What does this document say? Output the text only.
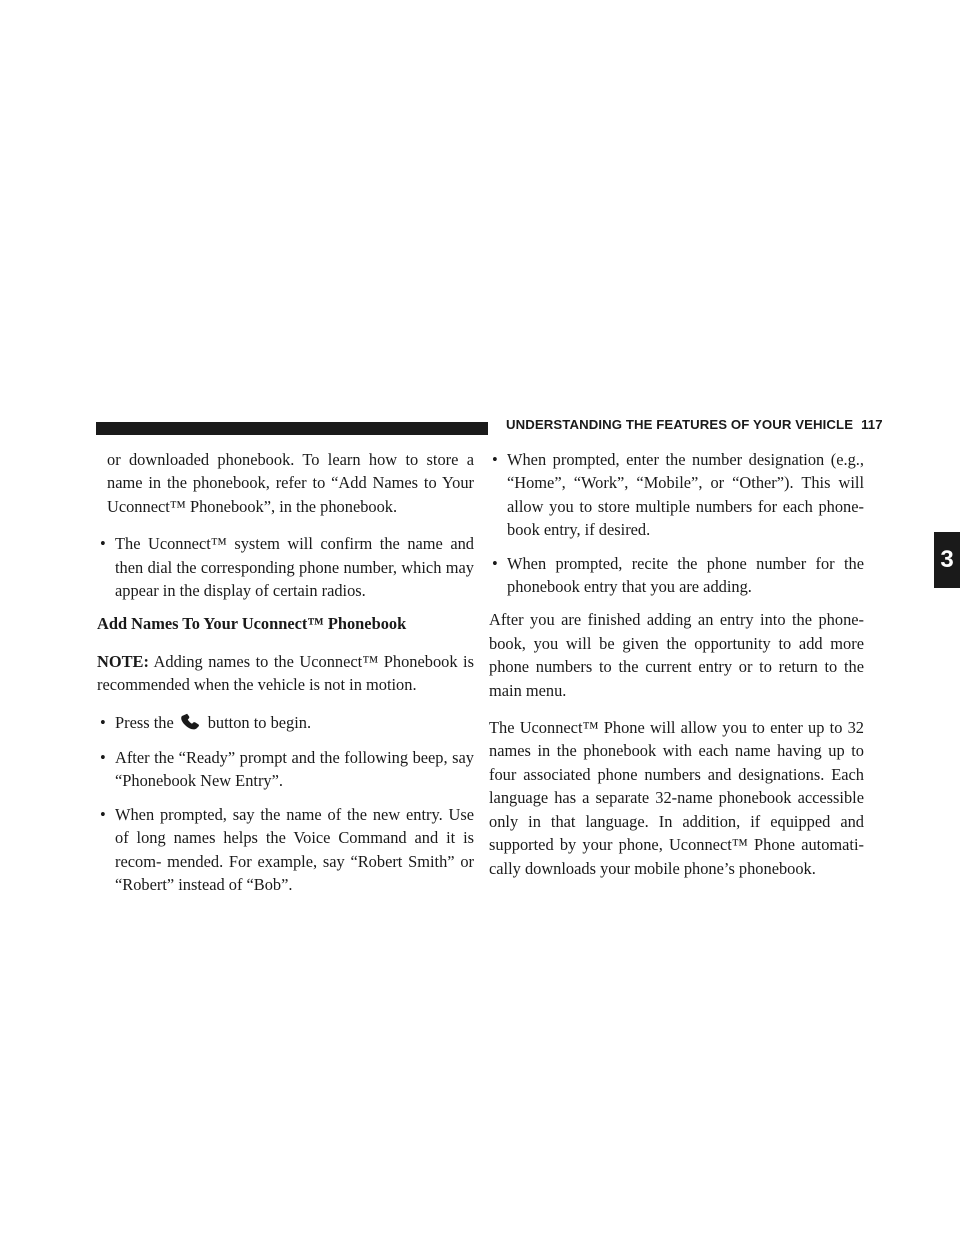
UNDERSTANDING THE FEATURES OF YOUR VEHICLE 117
3

or downloaded phonebook. To learn how to store a name in the phonebook, refer to “Add Names to Your Uconnect™ Phonebook”, in the phonebook.

• The Uconnect™ system will confirm the name and then dial the corresponding phone number, which may appear in the display of certain radios.
Add Names To Your Uconnect™ Phonebook

NOTE: Adding names to the Uconnect™ Phonebook is recommended when the vehicle is not in motion.

• Press the button to begin.
• After the “Ready” prompt and the following beep, say “Phonebook New Entry”.
• When prompted, say the name of the new entry. Use of long names helps the Voice Command and it is recom- mended. For example, say “Robert Smith” or “Robert” instead of “Bob”.
• When prompted, enter the number designation (e.g., “Home”, “Work”, “Mobile”, or “Other”). This will allow you to store multiple numbers for each phone- book entry, if desired.
• When prompted, recite the phone number for the phonebook entry that you are adding.

After you are finished adding an entry into the phone- book, you will be given the opportunity to add more phone numbers to the current entry or to return to the main menu.

The Uconnect™ Phone will allow you to enter up to 32 names in the phonebook with each name having up to four associated phone numbers and designations. Each language has a separate 32-name phonebook accessible only in that language. In addition, if equipped and supported by your phone, Uconnect™ Phone automati- cally downloads your mobile phone’s phonebook.
